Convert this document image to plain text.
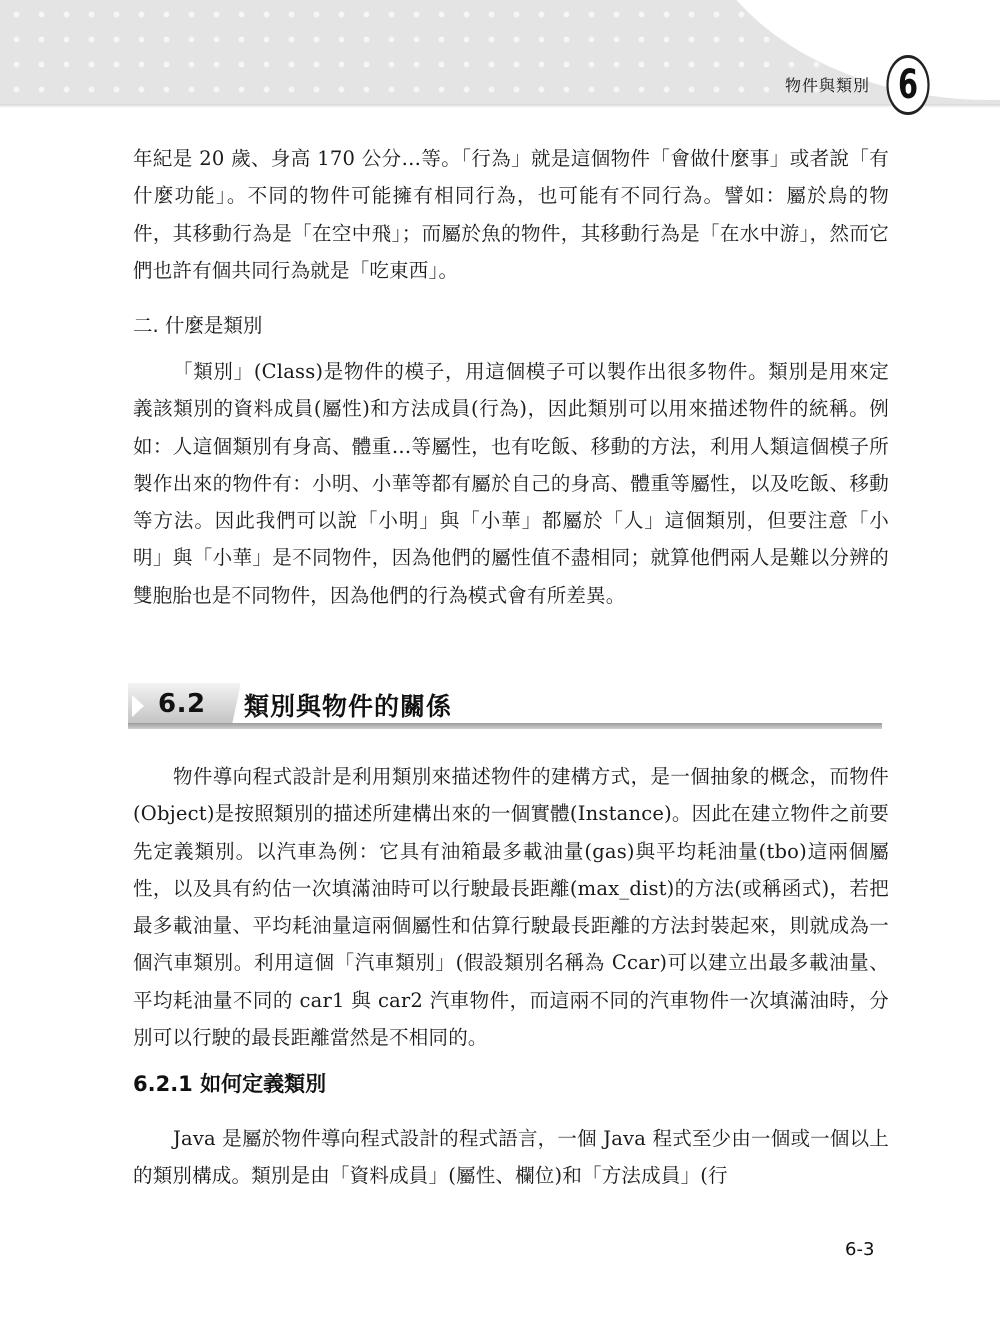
物件與類別 6

年紀是 20 歲、身高 170 公分…等。「行為」就是這個物件「會做什麼事」或者說「有什麼功能」。不同的物件可能擁有相同行為，也可能有不同行為。譬如：屬於鳥的物件，其移動行為是「在空中飛」；而屬於魚的物件，其移動行為是「在水中游」，然而它們也許有個共同行為就是「吃東西」。

二. 什麼是類別

「類別」(Class)是物件的模子，用這個模子可以製作出很多物件。類別是用來定義該類別的資料成員(屬性)和方法成員(行為)，因此類別可以用來描述物件的統稱。例如：人這個類別有身高、體重…等屬性，也有吃飯、移動的方法，利用人類這個模子所製作出來的物件有：小明、小華等都有屬於自己的身高、體重等屬性，以及吃飯、移動等方法。因此我們可以說「小明」與「小華」都屬於「人」這個類別，但要注意「小明」與「小華」是不同物件，因為他們的屬性值不盡相同；就算他們兩人是難以分辨的雙胞胎也是不同物件，因為他們的行為模式會有所差異。

6.2 類別與物件的關係

物件導向程式設計是利用類別來描述物件的建構方式，是一個抽象的概念，而物件(Object)是按照類別的描述所建構出來的一個實體(Instance)。因此在建立物件之前要先定義類別。以汽車為例：它具有油箱最多載油量(gas)與平均耗油量(tbo)這兩個屬性，以及具有約估一次填滿油時可以行駛最長距離(max_dist)的方法(或稱函式)，若把最多載油量、平均耗油量這兩個屬性和估算行駛最長距離的方法封裝起來，則就成為一個汽車類別。利用這個「汽車類別」(假設類別名稱為 Ccar)可以建立出最多載油量、平均耗油量不同的 car1 與 car2 汽車物件，而這兩不同的汽車物件一次填滿油時，分別可以行駛的最長距離當然是不相同的。

6.2.1 如何定義類別

Java 是屬於物件導向程式設計的程式語言，一個 Java 程式至少由一個或一個以上的類別構成。類別是由「資料成員」(屬性、欄位)和「方法成員」(行

6-3
